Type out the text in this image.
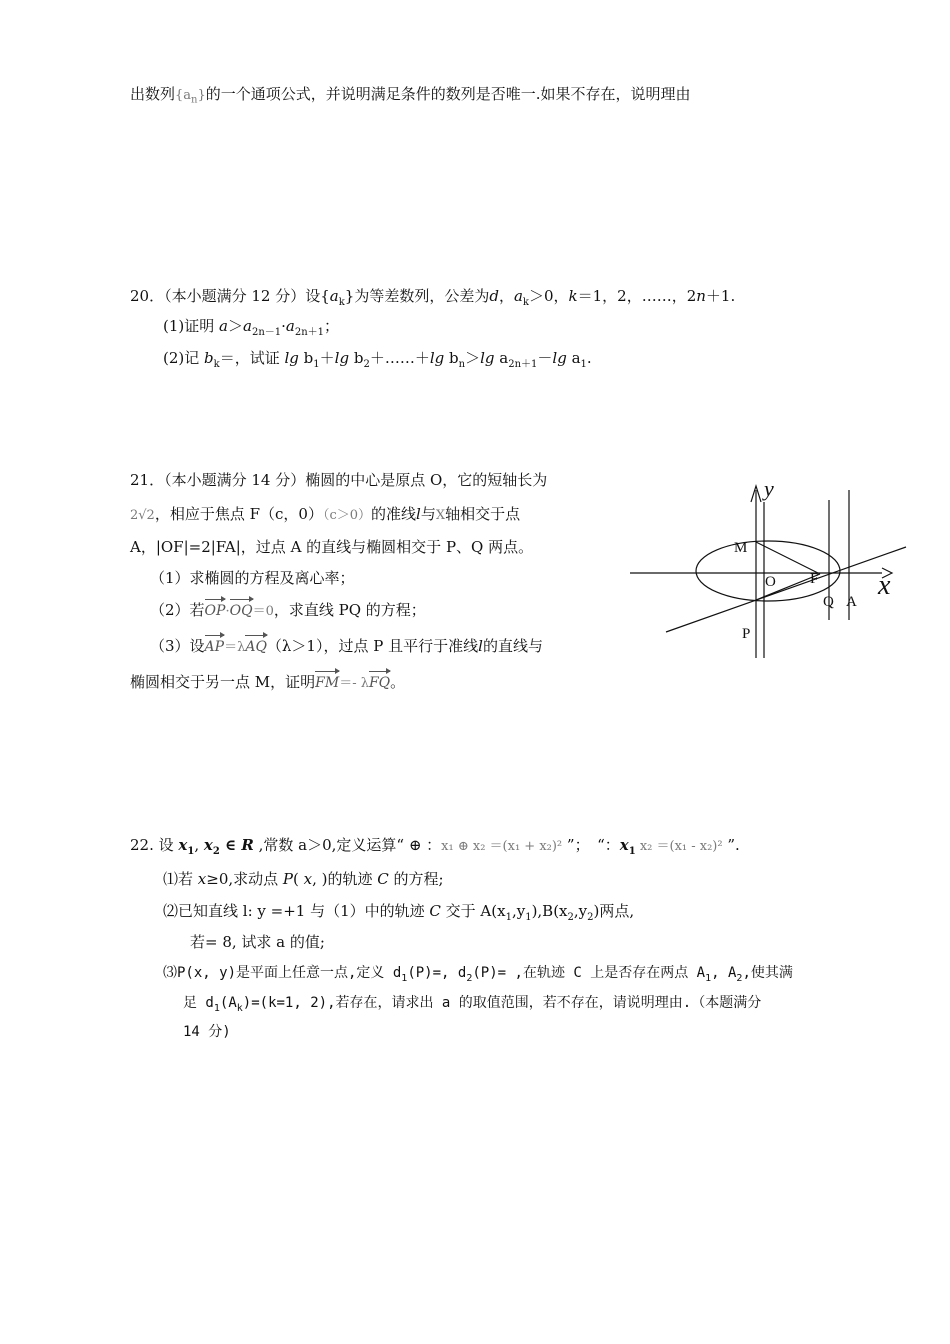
出数列$\{a_n\}$的一个通项公式，并说明满足条件的数列是否唯一.如果不存在，说明理由
20．（本小题满分 12 分）设$\{a_k\}$为等差数列，公差为d，$a_k>0$，k＝1，2，……，2n＋1.
(1)证明 $a>a_{2n-1}\cdot a_{2n+1}$；
(2)记 $b_k=$，试证 $\lg b_1+\lg$ $b_2+\dots\dots+\lg$ $b_n>\lg$ $a_{2n+1}-\lg$ $a_1$.
21．（本小题满分 14 分）椭圆的中心是原点 O，它的短轴长为
2√2，相应于焦点 F（c，0）（c＞0）的准线l与X轴相交于点
A，|OF|=2|FA|，过点 A 的直线与椭圆相交于 P、Q 两点。
（1）求椭圆的方程及离心率；
（2）若OP·OQ＝0，求直线 PQ 的方程；
（3）设AP＝λAQ（λ＞1），过点 P 且平行于准线l的直线与
椭圆相交于另一点 M，证明FM＝- λFQ。
y
x
M
O F
Q A
P
22. 设 $x_1$, $x_2$ ∈ R ,常数 a＞0,定义运算“ ⊕ ：x₁ ⊕ x₂ ＝(x₁ + x₂)² ”；　“：$x_1$ x₂ ＝(x₁ - x₂)² ”.
⑴若 x≥0,求动点 P( x, )的轨迹 C 的方程;
⑵已知直线 l: y =+1 与（1）中的轨迹 C 交于 $A(x_1,y_1),B(x_2,y_2)$两点,
若= 8, 试求 a 的值;
⑶P(x, y)是平面上任意一点,定义 $d_1(P)=$, $d_2(P)=$ ,在轨迹 C 上是否存在两点 $A_1$, $A_2$,使其满
足 $d_1(A_k)=(k=1$, 2),若存在，请求出 a 的取值范围，若不存在，请说明理由.（本题满分
14 分)
